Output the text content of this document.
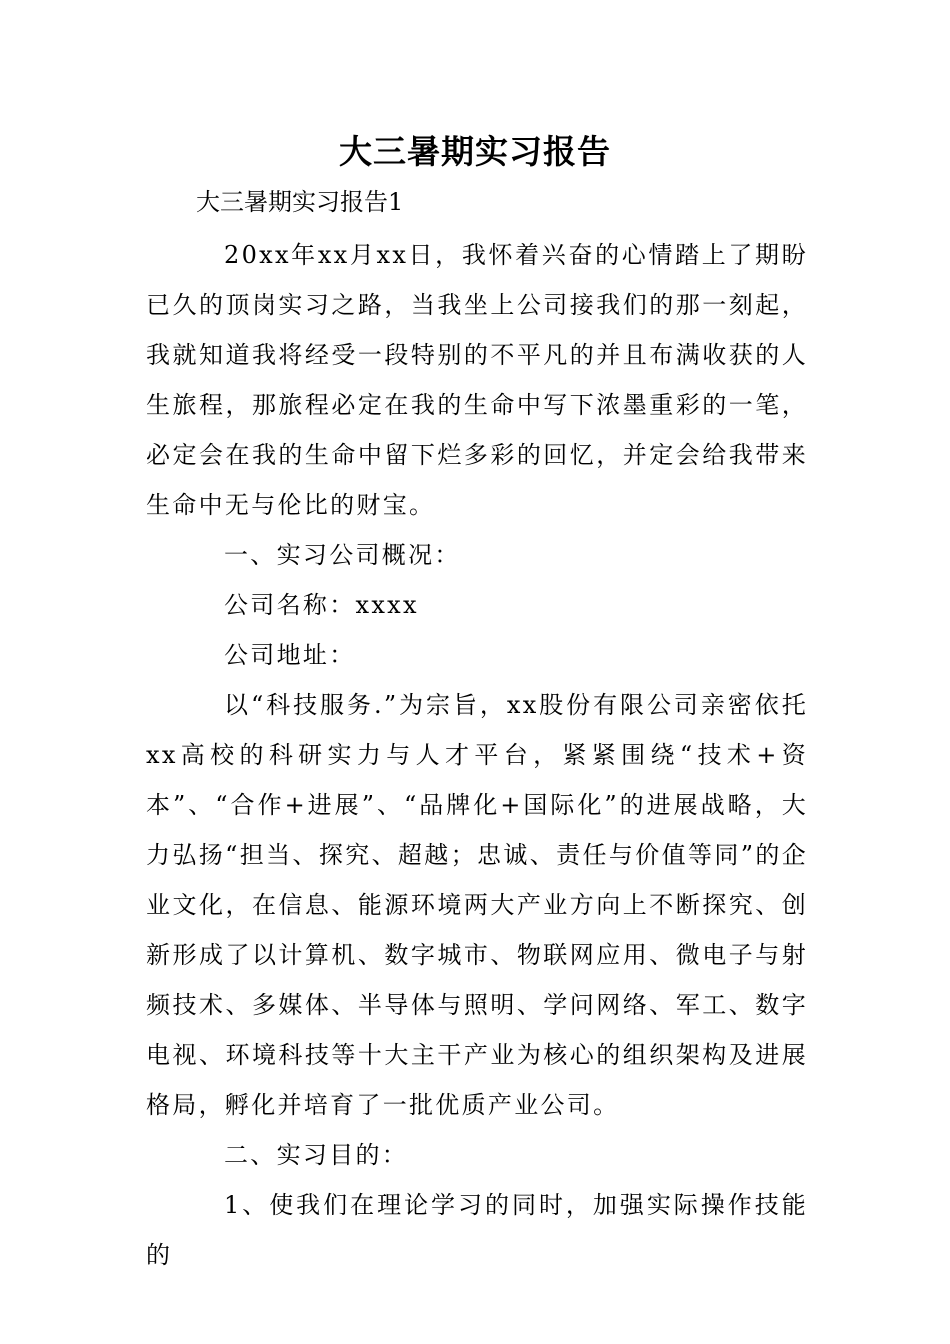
大三暑期实习报告
大三暑期实习报告1

20xx年xx月xx日，我怀着兴奋的心情踏上了期盼已久的顶岗实习之路，当我坐上公司接我们的那一刻起，我就知道我将经受一段特别的不平凡的并且布满收获的人生旅程，那旅程必定在我的生命中写下浓墨重彩的一笔，必定会在我的生命中留下烂多彩的回忆，并定会给我带来生命中无与伦比的财宝。

一、实习公司概况：

公司名称：xxxx

公司地址：

以“科技服务.”为宗旨，xx股份有限公司亲密依托xx高校的科研实力与人才平台，紧紧围绕“技术+资本”、“合作+进展”、“品牌化+国际化”的进展战略，大力弘扬“担当、探究、超越；忠诚、责任与价值等同”的企业文化，在信息、能源环境两大产业方向上不断探究、创新形成了以计算机、数字城市、物联网应用、微电子与射频技术、多媒体、半导体与照明、学问网络、军工、数字电视、环境科技等十大主干产业为核心的组织架构及进展格局，孵化并培育了一批优质产业公司。

二、实习目的：

1、使我们在理论学习的同时，加强实际操作技能的
